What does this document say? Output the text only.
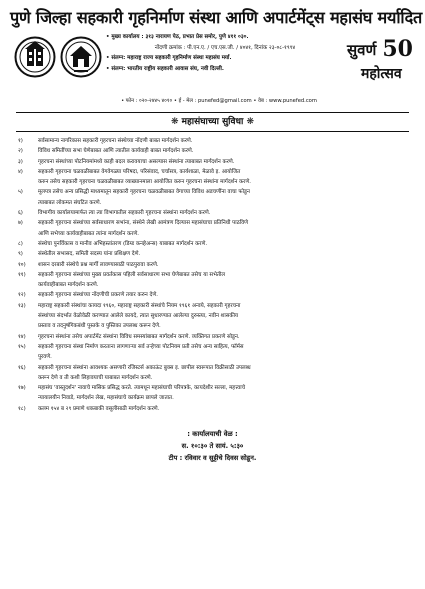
पुणे जिल्हा सहकारी गृहनिर्माण संस्था आणि अपार्टमेंट्स महासंघ मर्यादित
• मुख्य कार्यालय : ३१३ नारायण पेठ, प्रभात प्रेस समोर, पुणे ४११ ०३०.
नोंदणी क्रमांक : पी.एन.ए. / एच.एस.जी. / ४०४१, दिनांक २३-०८-१९९४
• संलग्न: महाराष्ट्र राज्य सहकारी गृहनिर्माण संस्था महासंघ मर्या.
• संलग्न: भारतीय राष्ट्रीय सहकारी आवास संघ, नवी दिल्ली.
सुवर्ण 50
महोत्सव
• फोन : ०२०-२४४५ ४०१० • ई - मेल : punefed@gmail.com • वेब : www.punefed.com
❋ महासंघाच्या सुविधा ❋
१)	सर्वसामान्य नागरिकास सहकारी गृहरचना संस्थेच्या नोंदणी बाबत मार्गदर्शन करणे.
२)	विविध समितींच्या सभा घेणेबाबत आणि त्यातील कार्यवाही बाबत मार्गदर्शन करणे.
३)	गृहरचना संस्थांच्या पोटनियमांमध्ये काही बदल करावयाचा असल्यास संस्थांना त्याबाबत मार्गदर्शन करणे.
४)	सहकारी गृहरचना चळवळीबाबत वेगवेगळ्या परिषदा, परिसंवाद, चर्चासत्र, कार्यशाळा, मेळावे इ. आयोजित
करुन तसेच सहकारी गृहरचना चळवळीबाबत व्याख्यानमाला आयोजित करुन गृहरचना संस्थांना मार्गदर्शन करणे.
५)	मूलपत्र तसेच अन्य प्रसिद्धी माध्यमातून सहकारी गृहरचना चळवळीबाबत वेगाच्या विविध अडचणींना वाचा फोडून
त्याबाबत लोकमत संघटित करणे.
६)	विभागीय कार्यालयामार्फत त्या त्या विभागातील सहकारी गृहरचना संस्थांना मार्गदर्शन करणे.
७)	सहकारी गृहरचना संस्थांच्या सर्वसाधारण सभांना, संस्थेने लेखी आमंत्रण दिल्यास महासंघाचा प्रतिनिधी पाठविणे
आणि सभेच्या कार्यवाहीबाबत त्यांना मार्गदर्शन करणे.
८)	संस्थेचा पुनर्विकास व मानीव अभिहस्तांतरण (डिम्ड कन्व्हेअन्स) याबाबत मार्गदर्शन करणे.
९)	संस्थेतील सभासद, समिती सदस्य यांना प्रशिक्षण देणे.
१०)	शासन दरबारी संस्थेचे प्रश्न मार्गी लावण्यासाठी पाठपुरावा करणे.
११)	सहकारी गृहरचना संस्थांच्या मुख्य प्रवर्तकास पहिली सर्वसाधारण सभा घेणेबाबत तसेच या सभेतील
कार्यवाहीबाबत मार्गदर्शन करणे.
१२)	सहकारी गृहरचना संस्थांच्या नोंदणीची प्रकरणे तयार करुन देणे.
१३)	महाराष्ट्र सहकारी संस्थांचा कायदा १९६०, महाराष्ट्र सहकारी संस्थांचे नियम १९६१ अन्वये, सहकारी गृहरचना
संस्थांच्या संदर्भात वेळोवेळी करण्यात आलेले कायदे, त्यात सुधारण्यात आलेल्या दुरुस्त्या, नवीन शासकीय
प्रस्ताव व तदनुषंगिकबंधी पुस्तके व पुस्तिका उपलब्ध करून देणे.
१४)	गृहरचना संस्थांना तसेच अपार्टमेंट संस्थांना विविध समस्यांबाबत मार्गदर्शन करणे. व्यक्तिगत प्रकरणे सोडून.
१५)	सहकारी गृहरचना संस्था निर्माण करताना लागणाऱ्या सर्व तऱ्हेच्या पोटनियम प्रती तसेच अन्य साहित्य, फॉर्मस
पुरवणे.
१६)	सहकारी गृहरचना संस्थांना आवश्यक असणारी रजिस्टर्स अकाऊंट बुक्स इ. छापील स्वरूपात विक्रीसाठी उपलब्ध
करून देणे व ती कशी लिहावयाची याबाबत मार्गदर्शन करणे.
१७)	महासंघ 'वास्तुदर्शन' नावाचे मासिक प्रसिद्ध करते. त्यामधून महासंघाची परिपत्रके, कायदेशीर सल्ला, महत्त्वाचे
न्यायालयीन निवाडे, मार्गदर्शन लेख, महासंघाचे कार्यक्रम छापले जातात.
१८)	कलम १५४ ब २९ प्रमाणे थकबाकी वसूलीसाठी मार्गदर्शन करणे.
: कार्यालयाची वेळ :
स. १०:३० ते सायं. ५:३०
टीप : रविवार व सुट्टीचे दिवस सोडून.
